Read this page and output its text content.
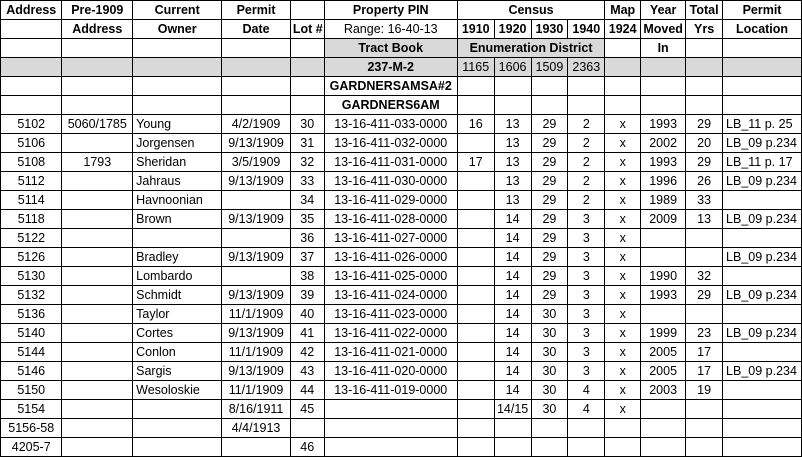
Address	Pre-1909	Current	Permit		Property PIN	Census				Map	Year	Total	Permit
	Address	Owner	Date	Lot #	Range: 16-40-13	1910	1920	1930	1940	1924	Moved	Yrs	Location
					Tract Book	Enumeration District					In		
					237-M-2	1165	1606	1509	2363				
					GARDNERSAMSA#2								
					GARDNERS6AM								
5102	5060/1785	Young	4/2/1909	30	13-16-411-033-0000	16	13	29	2	x	1993	29	LB_11 p. 25
5106		Jorgensen	9/13/1909	31	13-16-411-032-0000		13	29	2	x	2002	20	LB_09 p.234
5108	1793	Sheridan	3/5/1909	32	13-16-411-031-0000	17	13	29	2	x	1993	29	LB_11 p. 17
5112		Jahraus	9/13/1909	33	13-16-411-030-0000		13	29	2	x	1996	26	LB_09 p.234
5114		Havnoonian		34	13-16-411-029-0000		13	29	2	x	1989	33	
5118		Brown	9/13/1909	35	13-16-411-028-0000		14	29	3	x	2009	13	LB_09 p.234
5122				36	13-16-411-027-0000		14	29	3	x			
5126		Bradley	9/13/1909	37	13-16-411-026-0000		14	29	3	x			LB_09 p.234
5130		Lombardo		38	13-16-411-025-0000		14	29	3	x	1990	32	
5132		Schmidt	9/13/1909	39	13-16-411-024-0000		14	29	3	x	1993	29	LB_09 p.234
5136		Taylor	11/1/1909	40	13-16-411-023-0000		14	30	3	x			
5140		Cortes	9/13/1909	41	13-16-411-022-0000		14	30	3	x	1999	23	LB_09 p.234
5144		Conlon	11/1/1909	42	13-16-411-021-0000		14	30	3	x	2005	17	
5146		Sargis	9/13/1909	43	13-16-411-020-0000		14	30	3	x	2005	17	LB_09 p.234
5150		Wesoloskie	11/1/1909	44	13-16-411-019-0000		14	30	4	x	2003	19	
5154			8/16/1911	45			14/15	30	4	x			
5156-58			4/4/1913										
4205-7				46									
